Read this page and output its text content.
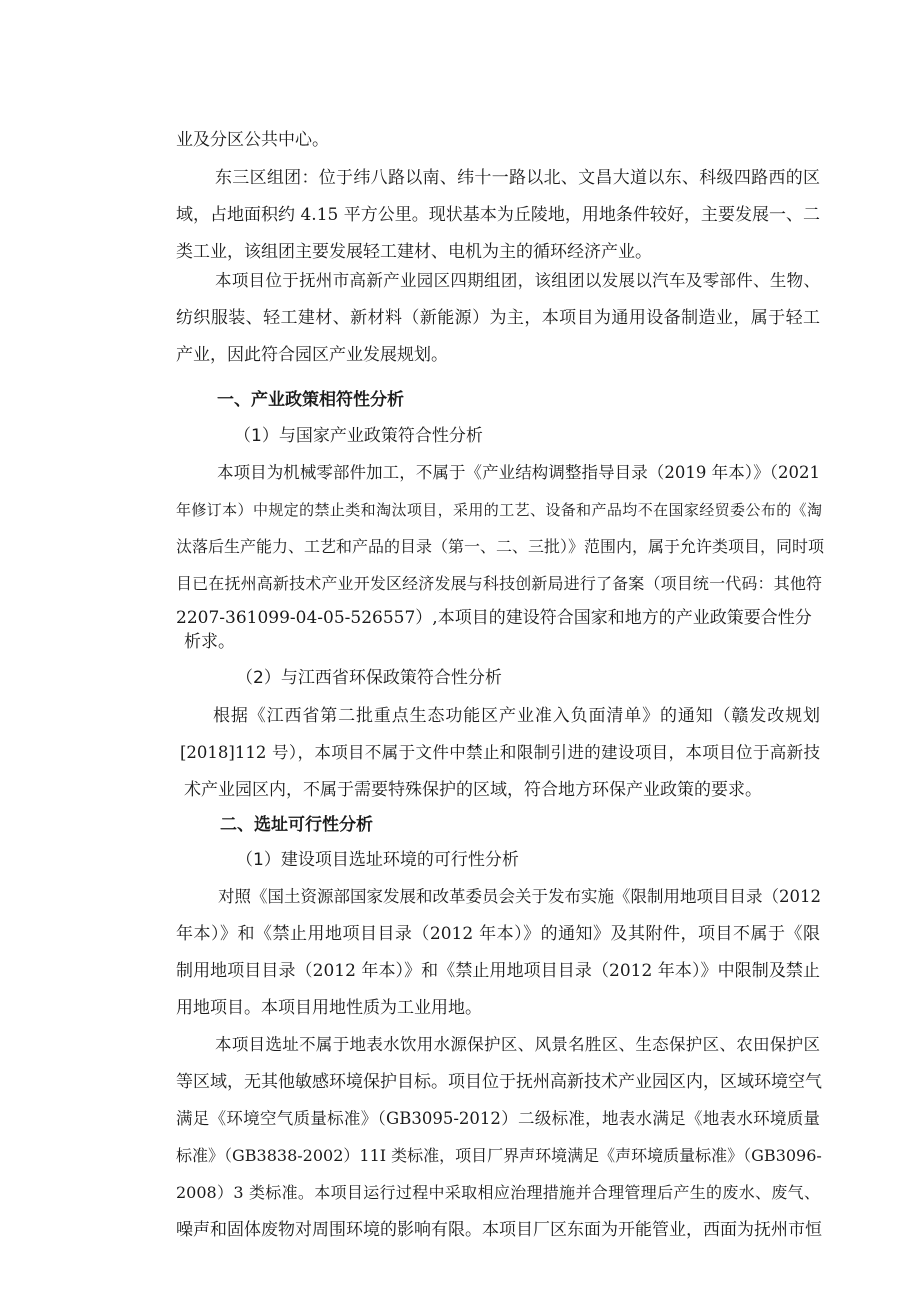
业及分区公共中心。
东三区组团：位于纬八路以南、纬十一路以北、文昌大道以东、科级四路西的区
域，占地面积约 4.15 平方公里。现状基本为丘陵地，用地条件较好，主要发展一、二
类工业，该组团主要发展轻工建材、电机为主的循环经济产业。
本项目位于抚州市高新产业园区四期组团，该组团以发展以汽车及零部件、生物、
纺织服装、轻工建材、新材料（新能源）为主，本项目为通用设备制造业，属于轻工
产业，因此符合园区产业发展规划。
一、产业政策相符性分析
（1）与国家产业政策符合性分析
本项目为机械零部件加工，不属于《产业结构调整指导目录（2019 年本）》（2021
年修订本）中规定的禁止类和淘汰项目，采用的工艺、设备和产品均不在国家经贸委公布的《淘
汰落后生产能力、工艺和产品的目录（第一、二、三批）》范围内，属于允许类项目，同时项
目已在抚州高新技术产业开发区经济发展与科技创新局进行了备案（项目统一代码：其他符
2207-361099-04-05-526557）,本项目的建设符合国家和地方的产业政策要合性分
析求。
（2）与江西省环保政策符合性分析
根据《江西省第二批重点生态功能区产业准入负面清单》的通知（赣发改规划
[2018]112 号），本项目不属于文件中禁止和限制引进的建设项目，本项目位于高新技
术产业园区内，不属于需要特殊保护的区域，符合地方环保产业政策的要求。
二、选址可行性分析
（1）建设项目选址环境的可行性分析
对照《国土资源部国家发展和改革委员会关于发布实施《限制用地项目目录（2012
年本）》和《禁止用地项目目录（2012 年本）》的通知》及其附件，项目不属于《限
制用地项目目录（2012 年本）》和《禁止用地项目目录（2012 年本）》中限制及禁止
用地项目。本项目用地性质为工业用地。
本项目选址不属于地表水饮用水源保护区、风景名胜区、生态保护区、农田保护区
等区域，无其他敏感环境保护目标。项目位于抚州高新技术产业园区内，区域环境空气
满足《环境空气质量标准》（GB3095-2012）二级标准，地表水满足《地表水环境质量
标准》（GB3838-2002）11I 类标准，项目厂界声环境满足《声环境质量标准》（GB3096-
2008）3 类标准。本项目运行过程中采取相应治理措施并合理管理后产生的废水、废气、
噪声和固体废物对周围环境的影响有限。本项目厂区东面为开能管业，西面为抚州市恒
